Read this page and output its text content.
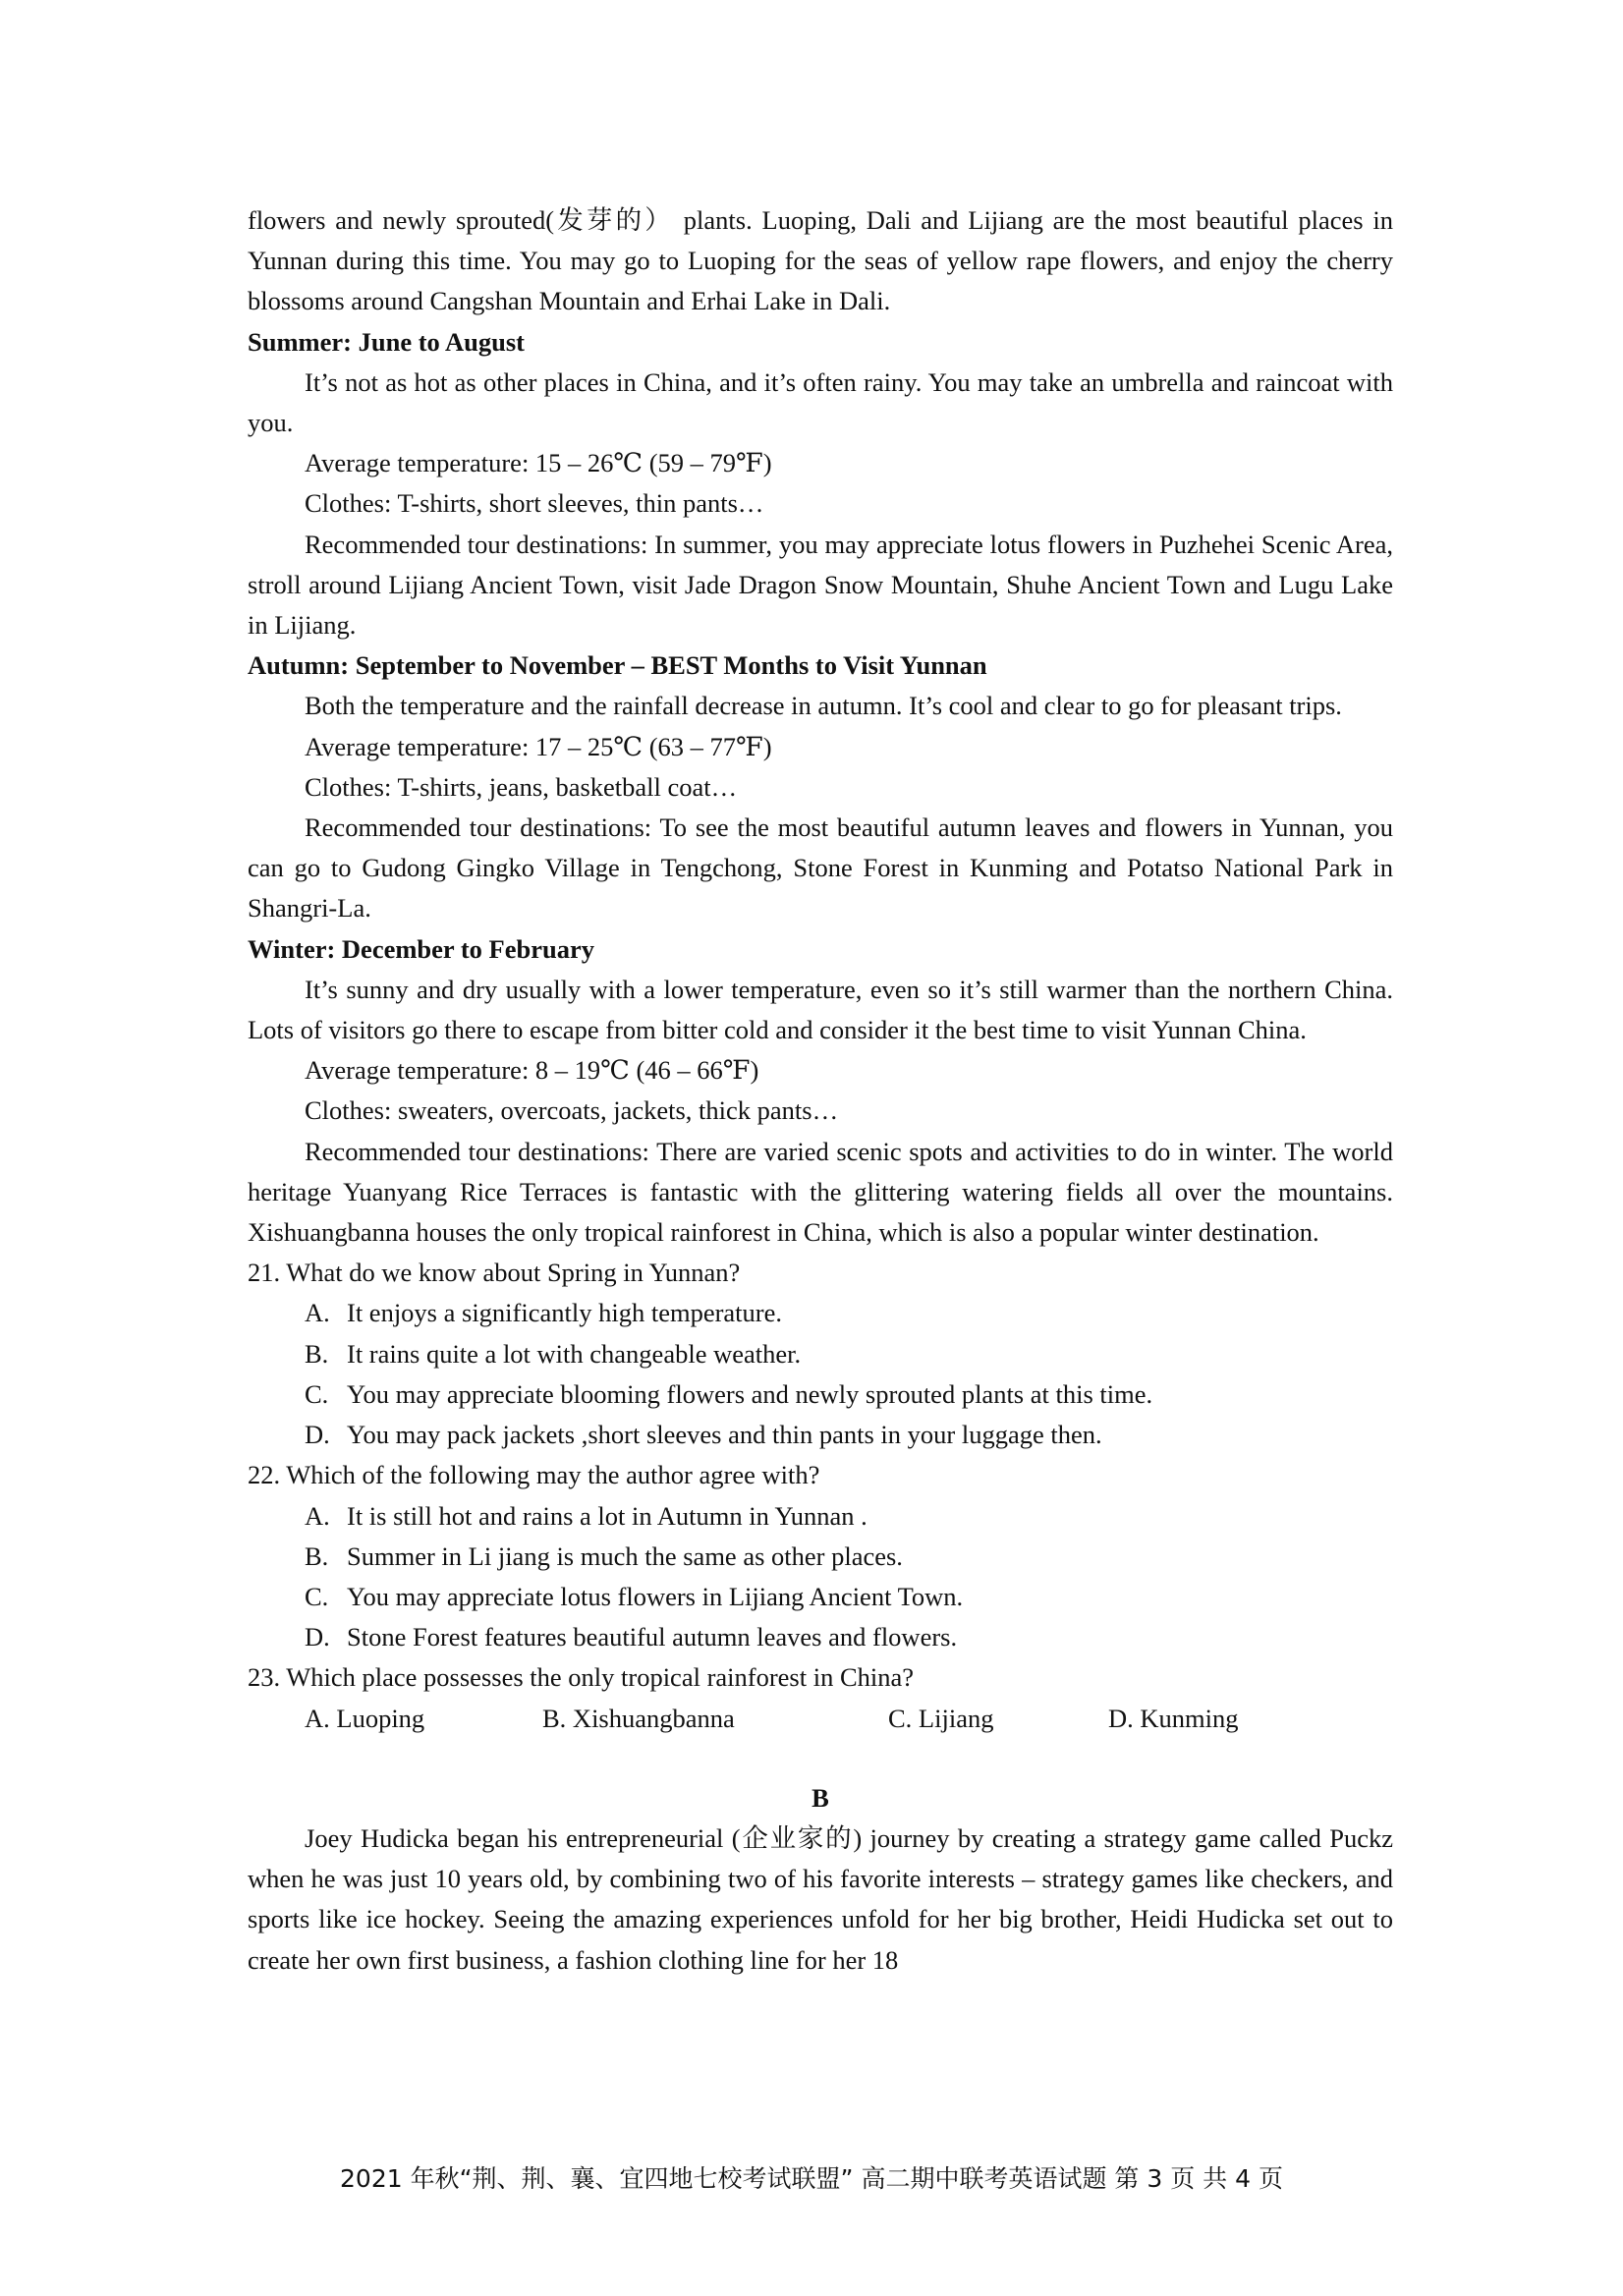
flowers and newly sprouted(发芽的） plants. Luoping, Dali and Lijiang are the most beautiful places in Yunnan during this time. You may go to Luoping for the seas of yellow rape flowers, and enjoy the cherry blossoms around Cangshan Mountain and Erhai Lake in Dali.

Summer: June to August

It’s not as hot as other places in China, and it’s often rainy. You may take an umbrella and raincoat with you.

Average temperature: 15 – 26℃ (59 – 79℉)

Clothes: T-shirts, short sleeves, thin pants…

Recommended tour destinations: In summer, you may appreciate lotus flowers in Puzhehei Scenic Area, stroll around Lijiang Ancient Town, visit Jade Dragon Snow Mountain, Shuhe Ancient Town and Lugu Lake in Lijiang.

Autumn: September to November – BEST Months to Visit Yunnan

Both the temperature and the rainfall decrease in autumn. It’s cool and clear to go for pleasant trips.

Average temperature: 17 – 25℃ (63 – 77℉)

Clothes: T-shirts, jeans, basketball coat…

Recommended tour destinations: To see the most beautiful autumn leaves and flowers in Yunnan, you can go to Gudong Gingko Village in Tengchong, Stone Forest in Kunming and Potatso National Park in Shangri-La.

Winter: December to February

It’s sunny and dry usually with a lower temperature, even so it’s still warmer than the northern China. Lots of visitors go there to escape from bitter cold and consider it the best time to visit Yunnan China.

Average temperature: 8 – 19℃ (46 – 66℉)

Clothes: sweaters, overcoats, jackets, thick pants…

Recommended tour destinations: There are varied scenic spots and activities to do in winter. The world heritage Yuanyang Rice Terraces is fantastic with the glittering watering fields all over the mountains. Xishuangbanna houses the only tropical rainforest in China, which is also a popular winter destination.

21. What do we know about Spring in Yunnan?

A. It enjoys a significantly high temperature.

B. It rains quite a lot with changeable weather.

C. You may appreciate blooming flowers and newly sprouted plants at this time.

D. You may pack jackets ,short sleeves and thin pants in your luggage then.

22. Which of the following may the author agree with?

A. It is still hot and rains a lot in Autumn in Yunnan .

B. Summer in Li jiang is much the same as other places.

C. You may appreciate lotus flowers in Lijiang Ancient Town.

D. Stone Forest features beautiful autumn leaves and flowers.

23. Which place possesses the only tropical rainforest in China?

A. Luoping	B. Xishuangbanna	C. Lijiang	D. Kunming

B

Joey Hudicka began his entrepreneurial (企业家的) journey by creating a strategy game called Puckz when he was just 10 years old, by combining two of his favorite interests – strategy games like checkers, and sports like ice hockey. Seeing the amazing experiences unfold for her big brother, Heidi Hudicka set out to create her own first business, a fashion clothing line for her 18

2021 年秋“荆、荆、襄、宜四地七校考试联盟” 高二期中联考英语试题 第 3 页 共 4 页
